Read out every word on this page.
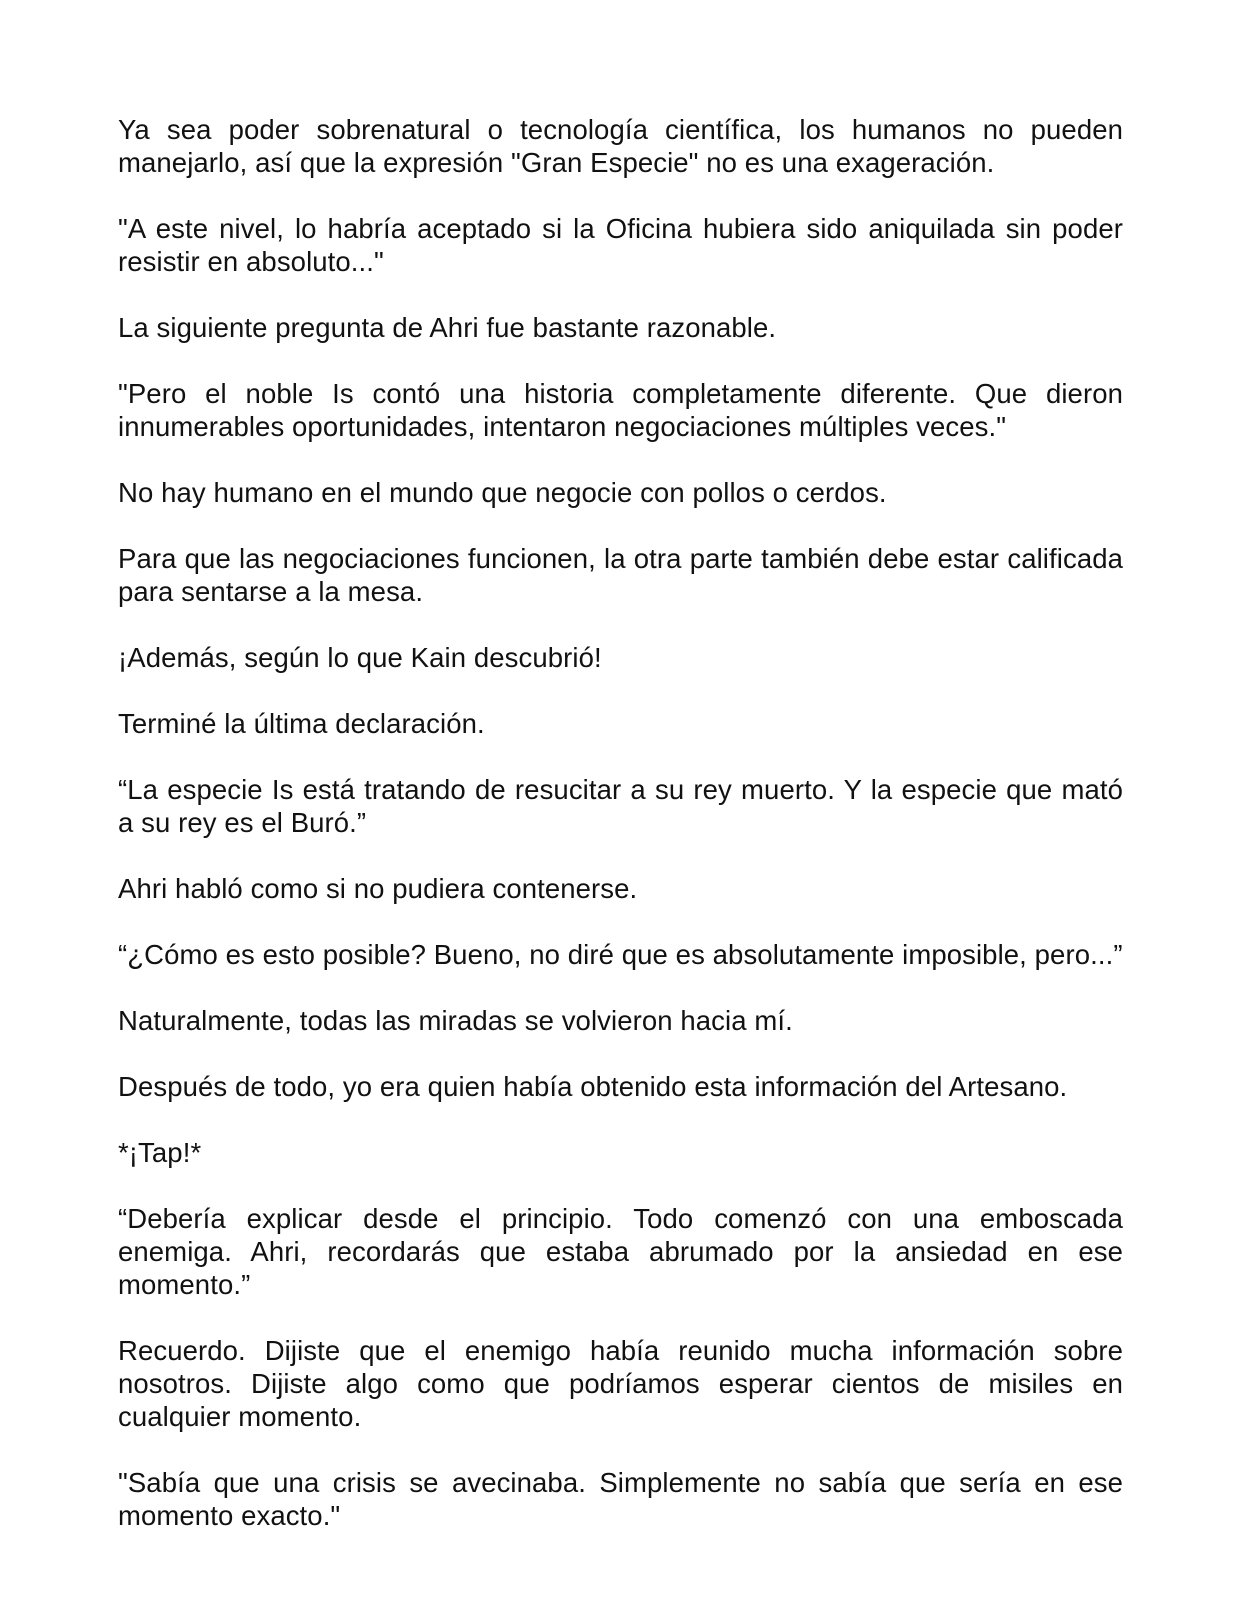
Ya sea poder sobrenatural o tecnología científica, los humanos no pueden manejarlo, así que la expresión "Gran Especie" no es una exageración.

"A este nivel, lo habría aceptado si la Oficina hubiera sido aniquilada sin poder resistir en absoluto..."

La siguiente pregunta de Ahri fue bastante razonable.

"Pero el noble Is contó una historia completamente diferente. Que dieron innumerables oportunidades, intentaron negociaciones múltiples veces."

No hay humano en el mundo que negocie con pollos o cerdos.

Para que las negociaciones funcionen, la otra parte también debe estar calificada para sentarse a la mesa.

¡Además, según lo que Kain descubrió!

Terminé la última declaración.

“La especie Is está tratando de resucitar a su rey muerto. Y la especie que mató a su rey es el Buró.”

Ahri habló como si no pudiera contenerse.

“¿Cómo es esto posible? Bueno, no diré que es absolutamente imposible, pero...”

Naturalmente, todas las miradas se volvieron hacia mí.

Después de todo, yo era quien había obtenido esta información del Artesano.

*¡Tap!*

“Debería explicar desde el principio. Todo comenzó con una emboscada enemiga. Ahri, recordarás que estaba abrumado por la ansiedad en ese momento.”

Recuerdo. Dijiste que el enemigo había reunido mucha información sobre nosotros. Dijiste algo como que podríamos esperar cientos de misiles en cualquier momento.

"Sabía que una crisis se avecinaba. Simplemente no sabía que sería en ese momento exacto."
